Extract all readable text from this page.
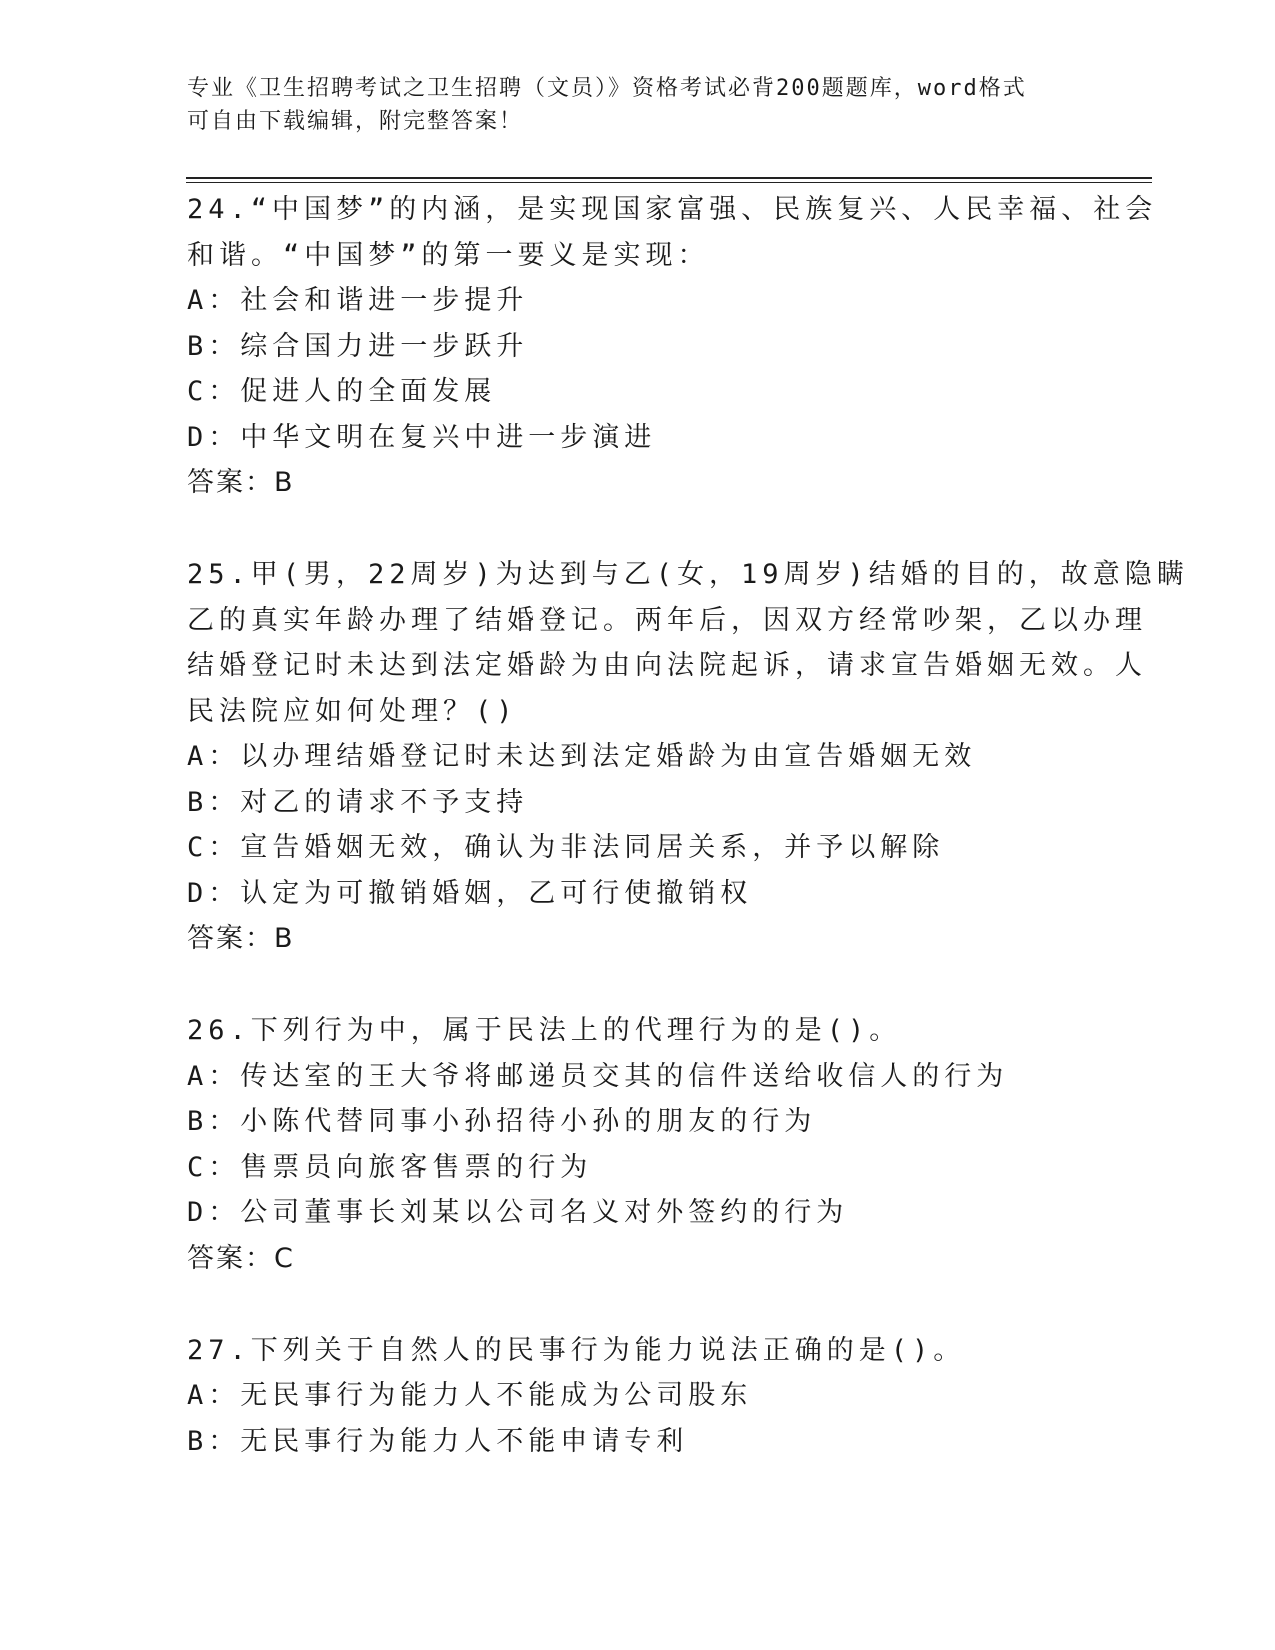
专业《卫生招聘考试之卫生招聘（文员）》资格考试必背200题题库，word格式
可自由下载编辑，附完整答案！
24.“中国梦”的内涵，是实现国家富强、民族复兴、人民幸福、社会
和谐。“中国梦”的第一要义是实现：
A：社会和谐进一步提升
B：综合国力进一步跃升
C：促进人的全面发展
D：中华文明在复兴中进一步演进
答案：B
25.甲(男，22周岁)为达到与乙(女，19周岁)结婚的目的，故意隐瞒
乙的真实年龄办理了结婚登记。两年后，因双方经常吵架，乙以办理
结婚登记时未达到法定婚龄为由向法院起诉，请求宣告婚姻无效。人
民法院应如何处理？()
A：以办理结婚登记时未达到法定婚龄为由宣告婚姻无效
B：对乙的请求不予支持
C：宣告婚姻无效，确认为非法同居关系，并予以解除
D：认定为可撤销婚姻，乙可行使撤销权
答案：B
26.下列行为中，属于民法上的代理行为的是()。
A：传达室的王大爷将邮递员交其的信件送给收信人的行为
B：小陈代替同事小孙招待小孙的朋友的行为
C：售票员向旅客售票的行为
D：公司董事长刘某以公司名义对外签约的行为
答案：C
27.下列关于自然人的民事行为能力说法正确的是()。
A：无民事行为能力人不能成为公司股东
B：无民事行为能力人不能申请专利
